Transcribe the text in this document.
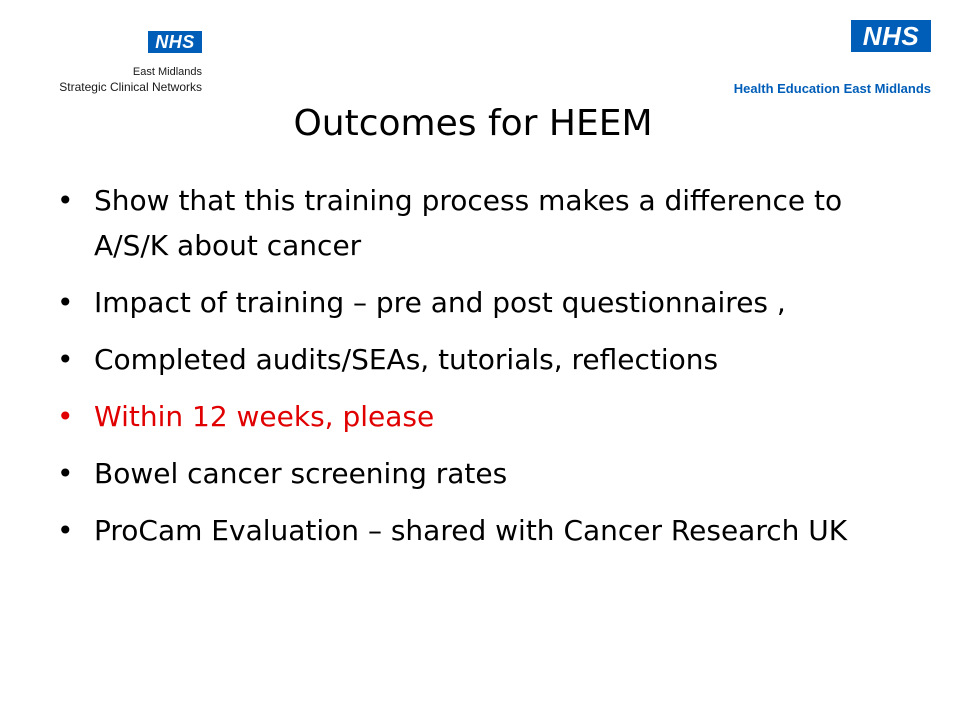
NHS
East Midlands
Strategic Clinical Networks
NHS
Health Education East Midlands
Outcomes for HEEM
• Show that this training process makes a difference to A/S/K about cancer
• Impact of training – pre and post questionnaires ,
• Completed audits/SEAs, tutorials, reflections
• Within 12 weeks, please
• Bowel cancer screening rates
• ProCam Evaluation – shared with Cancer Research UK
